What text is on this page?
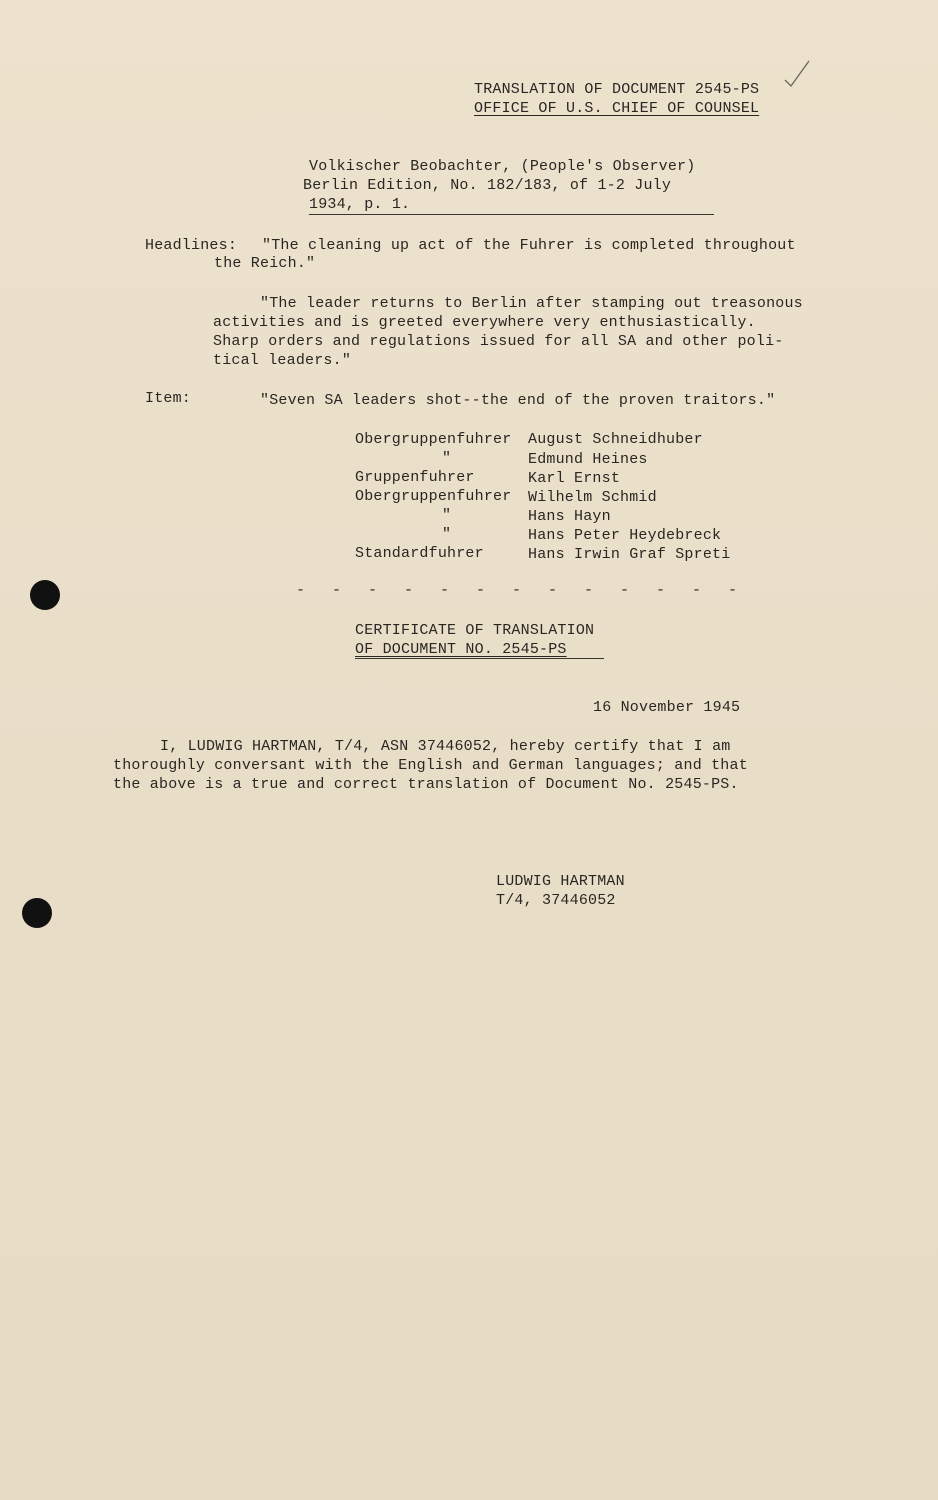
TRANSLATION OF DOCUMENT 2545-PS
OFFICE OF U.S. CHIEF OF COUNSEL
Volkischer Beobachter, (People's Observer)
Berlin Edition, No. 182/183, of 1-2 July
1934, p. 1.
Headlines: "The cleaning up act of the Fuhrer is completed throughout
the Reich."
"The leader returns to Berlin after stamping out treasonous
activities and is greeted everywhere very enthusiastically.
Sharp orders and regulations issued for all SA and other poli-
tical leaders."
Item:	"Seven SA leaders shot--the end of the proven traitors."
Obergruppenfuhrer August Schneidhuber
"	Edmund Heines
Gruppenfuhrer	Karl Ernst
Obergruppenfuhrer Wilhelm Schmid
"	Hans Hayn
"	Hans Peter Heydebreck
Standardfuhrer	Hans Irwin Graf Spreti
- - - - - - - - - - - - -
CERTIFICATE OF TRANSLATION
OF DOCUMENT NO. 2545-PS
16 November 1945
I, LUDWIG HARTMAN, T/4, ASN 37446052, hereby certify that I am
thoroughly conversant with the English and German languages; and that
the above is a true and correct translation of Document No. 2545-PS.
LUDWIG HARTMAN
T/4, 37446052
